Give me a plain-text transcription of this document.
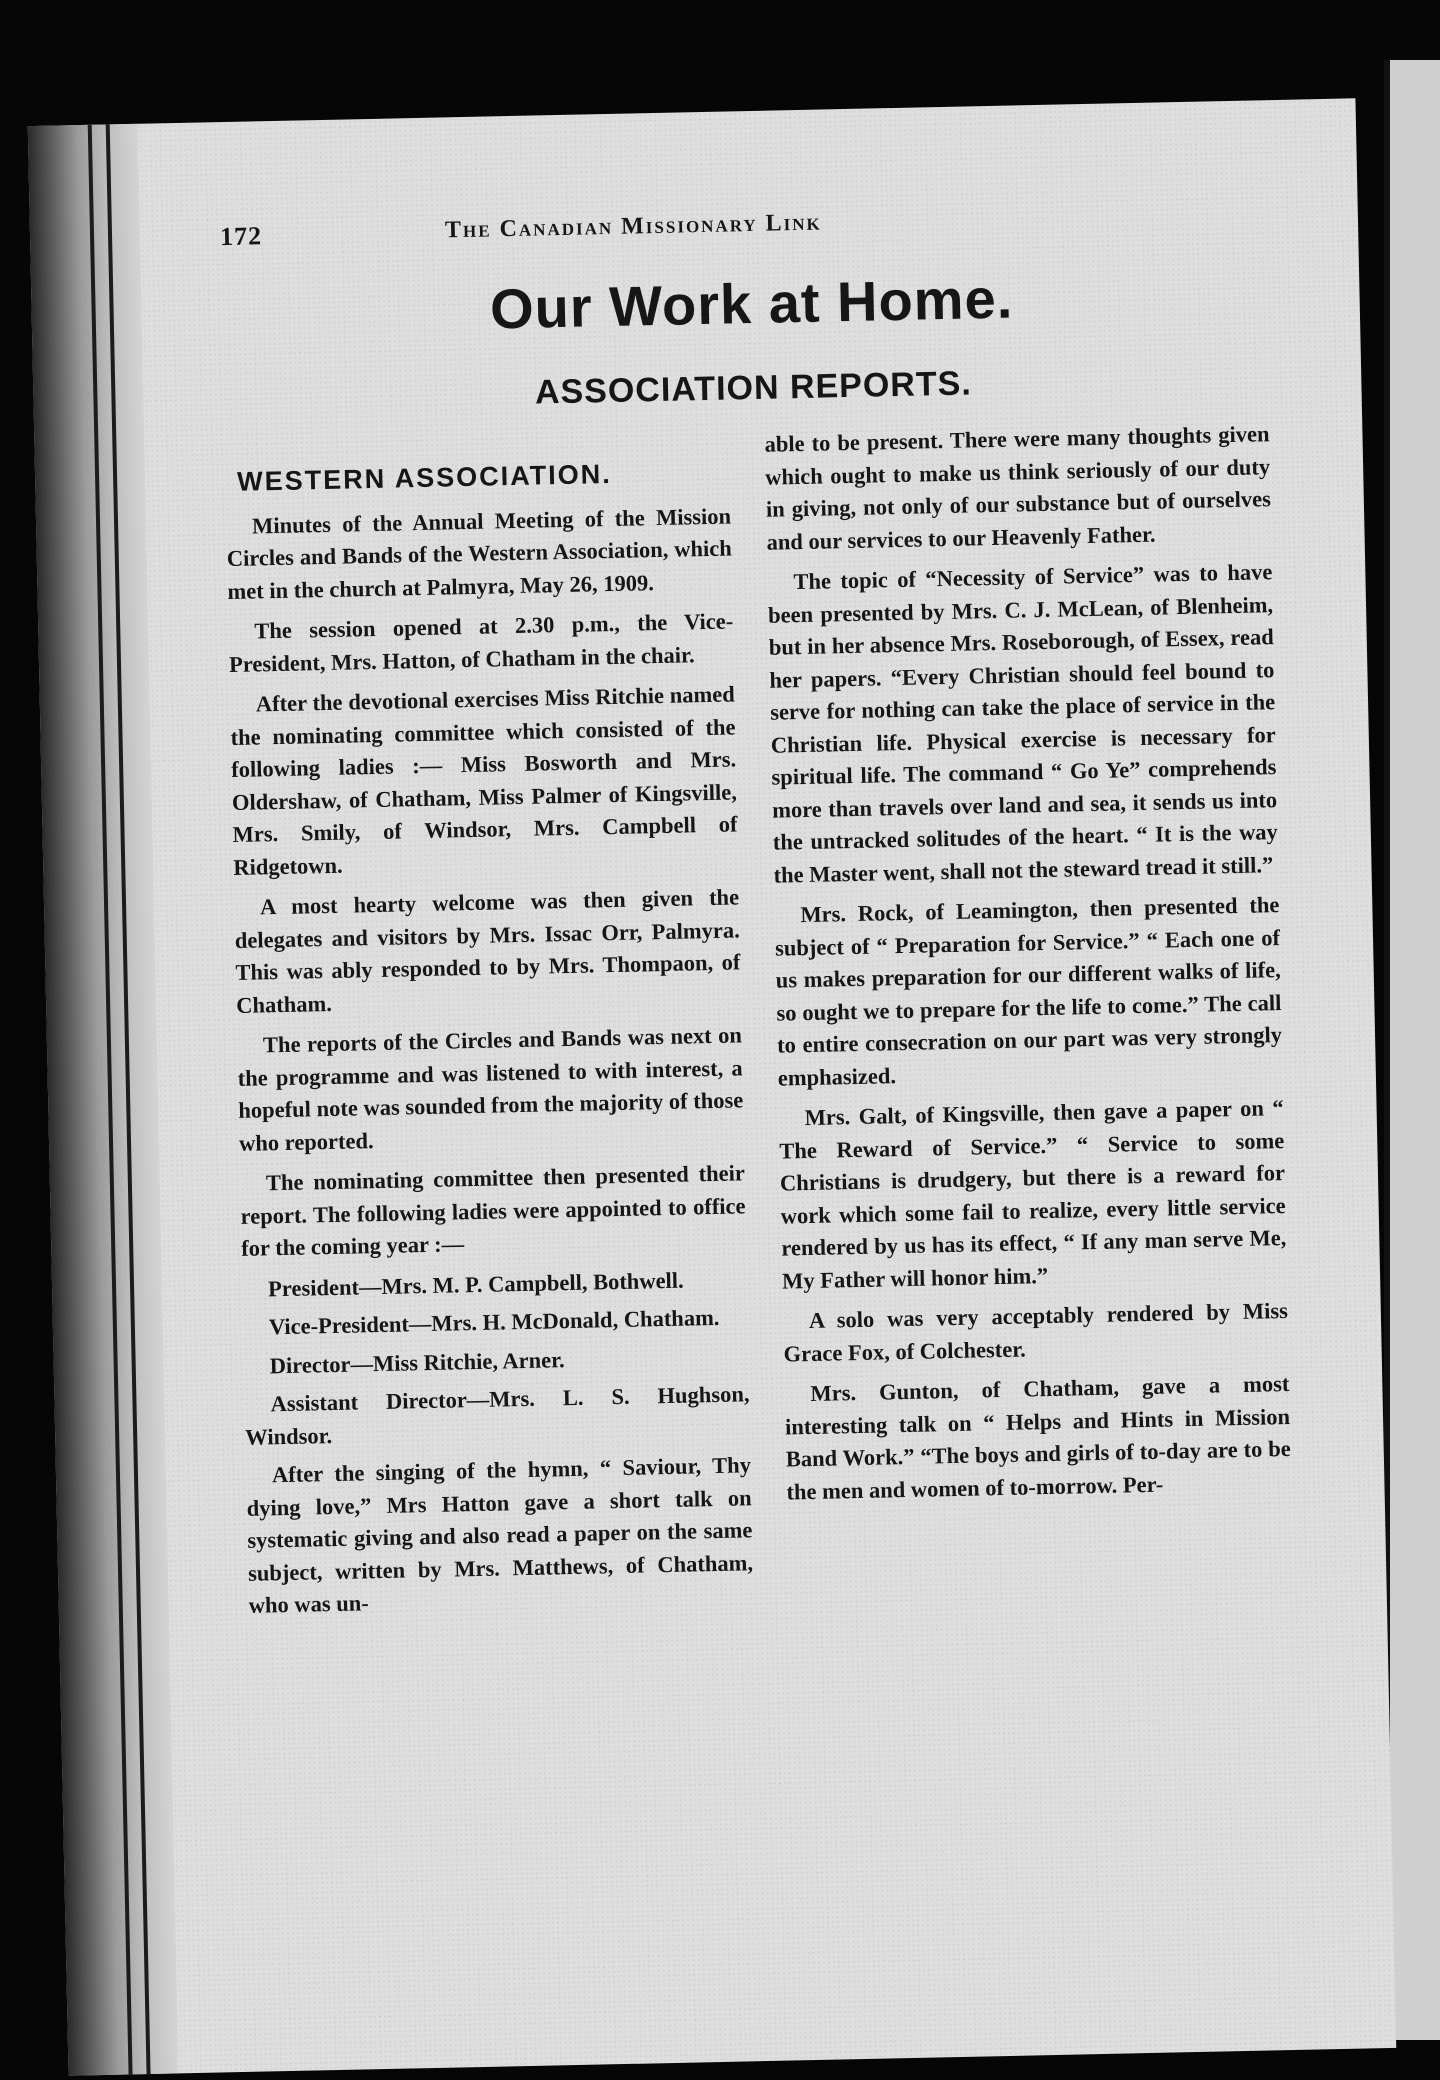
172	The Canadian Missionary Link
Our Work at Home.
ASSOCIATION REPORTS.
WESTERN ASSOCIATION.

Minutes of the Annual Meeting of the Mission Circles and Bands of the Western Association, which met in the church at Palmyra, May 26, 1909.

The session opened at 2.30 p.m., the Vice-President, Mrs. Hatton, of Chatham in the chair.

After the devotional exercises Miss Ritchie named the nominating committee which consisted of the following ladies :— Miss Bosworth and Mrs. Oldershaw, of Chatham, Miss Palmer of Kingsville, Mrs. Smily, of Windsor, Mrs. Campbell of Ridgetown.

A most hearty welcome was then given the delegates and visitors by Mrs. Issac Orr, Palmyra. This was ably responded to by Mrs. Thompaon, of Chatham.

The reports of the Circles and Bands was next on the programme and was listened to with interest, a hopeful note was sounded from the majority of those who reported.

The nominating committee then presented their report. The following ladies were appointed to office for the coming year :—

President—Mrs. M. P. Campbell, Bothwell.

Vice-President—Mrs. H. McDonald, Chatham.

Director—Miss Ritchie, Arner.

Assistant Director—Mrs. L. S. Hughson, Windsor.

After the singing of the hymn, “ Saviour, Thy dying love,” Mrs Hatton gave a short talk on systematic giving and also read a paper on the same subject, written by Mrs. Matthews, of Chatham, who was un-

able to be present. There were many thoughts given which ought to make us think seriously of our duty in giving, not only of our substance but of ourselves and our services to our Heavenly Father.

The topic of “Necessity of Service” was to have been presented by Mrs. C. J. McLean, of Blenheim, but in her absence Mrs. Roseborough, of Essex, read her papers. “Every Christian should feel bound to serve for nothing can take the place of service in the Christian life. Physical exercise is necessary for spiritual life. The command “ Go Ye” comprehends more than travels over land and sea, it sends us into the untracked solitudes of the heart. “ It is the way the Master went, shall not the steward tread it still.”

Mrs. Rock, of Leamington, then presented the subject of “ Preparation for Service.” “ Each one of us makes preparation for our different walks of life, so ought we to prepare for the life to come.” The call to entire consecration on our part was very strongly emphasized.

Mrs. Galt, of Kingsville, then gave a paper on “ The Reward of Service.” “ Service to some Christians is drudgery, but there is a reward for work which some fail to realize, every little service rendered by us has its effect, “ If any man serve Me, My Father will honor him.”

A solo was very acceptably rendered by Miss Grace Fox, of Colchester.

Mrs. Gunton, of Chatham, gave a most interesting talk on “ Helps and Hints in Mission Band Work.” “The boys and girls of to-day are to be the men and women of to-morrow. Per-
